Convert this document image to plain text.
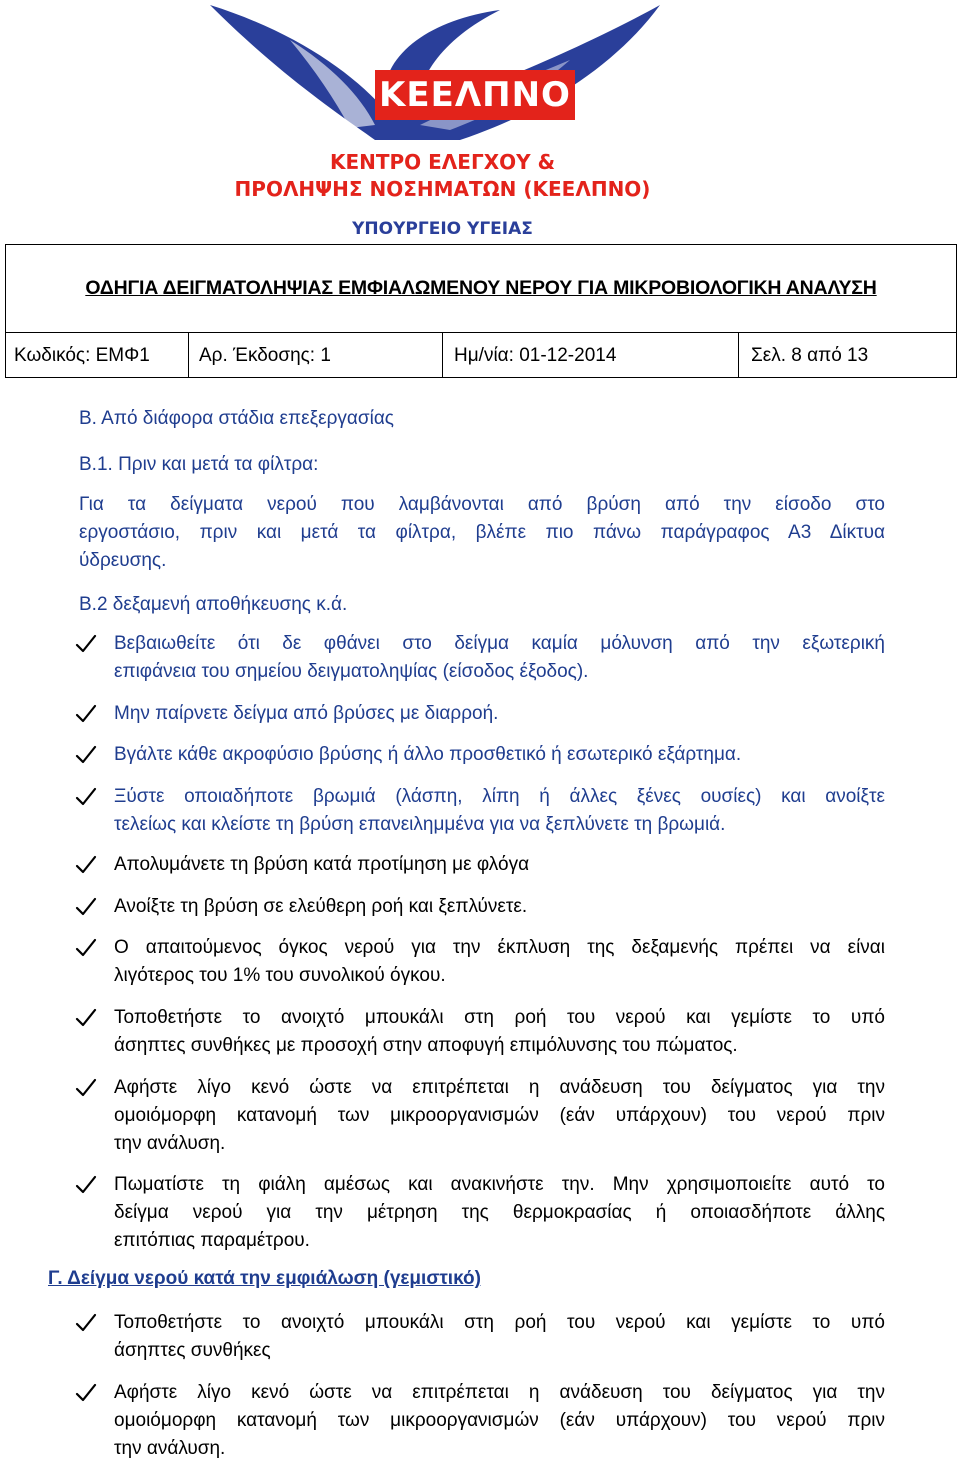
ΚΕΕΛΠΝΟ
ΚΕΝΤΡΟ ΕΛΕΓΧΟΥ &
ΠΡΟΛΗΨΗΣ ΝΟΣΗΜΑΤΩΝ (ΚΕΕΛΠΝΟ)
ΥΠΟΥΡΓΕΙΟ ΥΓΕΙΑΣ
ΟΔΗΓΙΑ ΔΕΙΓΜΑΤΟΛΗΨΙΑΣ ΕΜΦΙΑΛΩΜΕΝΟΥ ΝΕΡΟΥ ΓΙΑ ΜΙΚΡΟΒΙΟΛΟΓΙΚΗ ΑΝΑΛΥΣΗ
Κωδικός: ΕΜΦ1	Αρ. Έκδοσης: 1	Ημ/νία: 01-12-2014	Σελ. 8 από 13
Β. Από διάφορα στάδια επεξεργασίας
Β.1. Πριν και μετά τα φίλτρα:
Για τα δείγματα νερού που λαμβάνονται από βρύση από την είσοδο στο
εργοστάσιο, πριν και μετά τα φίλτρα, βλέπε πιο πάνω παράγραφος Α3 Δίκτυα
ύδρευσης.
Β.2 δεξαμενή αποθήκευσης κ.ά.
Βεβαιωθείτε ότι δε φθάνει στο δείγμα καμία μόλυνση από την εξωτερική
επιφάνεια του σημείου δειγματοληψίας (είσοδος έξοδος).
Μην παίρνετε δείγμα από βρύσες με διαρροή.
Βγάλτε κάθε ακροφύσιο βρύσης ή άλλο προσθετικό ή εσωτερικό εξάρτημα.
Ξύστε οποιαδήποτε βρωμιά (λάσπη, λίπη ή άλλες ξένες ουσίες) και ανοίξτε
τελείως και κλείστε τη βρύση επανειλημμένα για να ξεπλύνετε τη βρωμιά.
Απολυμάνετε τη βρύση κατά προτίμηση με φλόγα
Ανοίξτε τη βρύση σε ελεύθερη ροή και ξεπλύνετε.
Ο απαιτούμενος όγκος νερού για την έκπλυση της δεξαμενής πρέπει να είναι
λιγότερος του 1% του συνολικού όγκου.
Τοποθετήστε το ανοιχτό μπουκάλι στη ροή του νερού και γεμίστε το υπό
άσηπτες συνθήκες με προσοχή στην αποφυγή επιμόλυνσης του πώματος.
Αφήστε λίγο κενό ώστε να επιτρέπεται η ανάδευση του δείγματος για την
ομοιόμορφη κατανομή των μικροοργανισμών (εάν υπάρχουν) του νερού πριν
την ανάλυση.
Πωματίστε τη φιάλη αμέσως και ανακινήστε την. Μην χρησιμοποιείτε αυτό το
δείγμα νερού για την μέτρηση της θερμοκρασίας ή οποιασδήποτε άλλης
επιτόπιας παραμέτρου.
Γ. Δείγμα νερού κατά την εμφιάλωση (γεμιστικό)
Τοποθετήστε το ανοιχτό μπουκάλι στη ροή του νερού και γεμίστε το υπό
άσηπτες συνθήκες
Αφήστε λίγο κενό ώστε να επιτρέπεται η ανάδευση του δείγματος για την
ομοιόμορφη κατανομή των μικροοργανισμών (εάν υπάρχουν) του νερού πριν
την ανάλυση.
